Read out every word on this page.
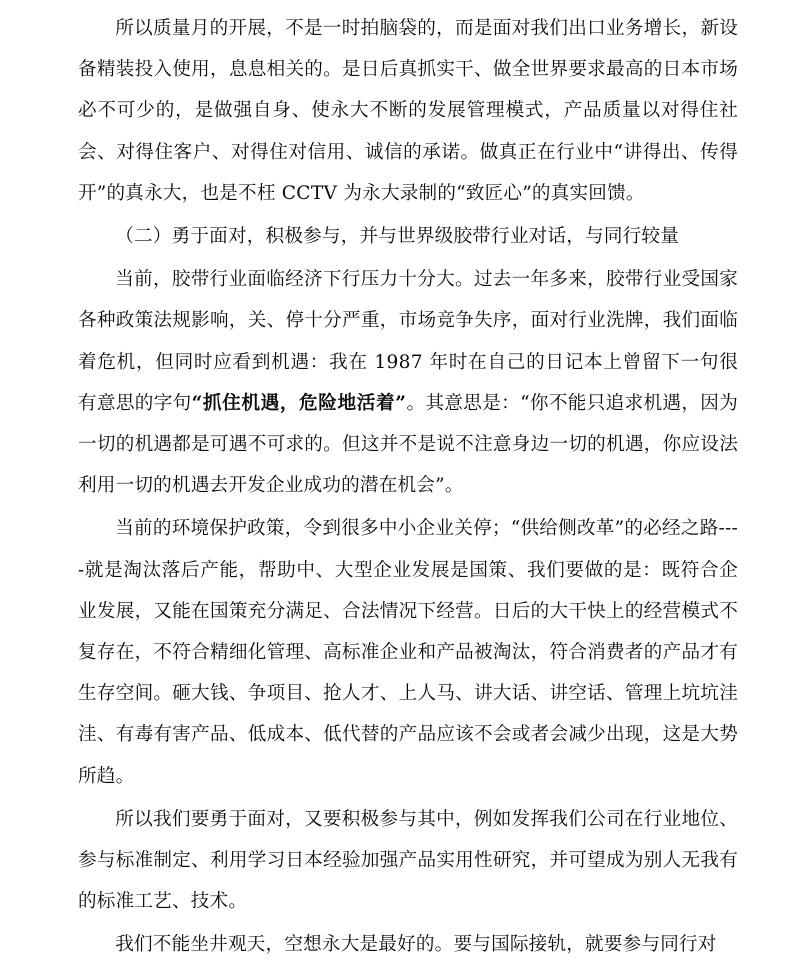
所以质量月的开展，不是一时拍脑袋的，而是面对我们出口业务增长，新设备精装投入使用，息息相关的。是日后真抓实干、做全世界要求最高的日本市场必不可少的，是做强自身、使永大不断的发展管理模式，产品质量以对得住社会、对得住客户、对得住对信用、诚信的承诺。做真正在行业中“讲得出、传得开”的真永大，也是不枉 CCTV 为永大录制的“致匠心”的真实回馈。

（二）勇于面对，积极参与，并与世界级胶带行业对话，与同行较量

当前，胶带行业面临经济下行压力十分大。过去一年多来，胶带行业受国家各种政策法规影响，关、停十分严重，市场竞争失序，面对行业洗牌，我们面临着危机，但同时应看到机遇：我在 1987 年时在自己的日记本上曾留下一句很有意思的字句“抓住机遇，危险地活着”。其意思是：“你不能只追求机遇，因为一切的机遇都是可遇不可求的。但这并不是说不注意身边一切的机遇，你应设法利用一切的机遇去开发企业成功的潜在机会”。

当前的环境保护政策，令到很多中小企业关停；“供给侧改革”的必经之路----就是淘汰落后产能，帮助中、大型企业发展是国策、我们要做的是：既符合企业发展，又能在国策充分满足、合法情况下经营。日后的大干快上的经营模式不复存在，不符合精细化管理、高标准企业和产品被淘汰，符合消费者的产品才有生存空间。砸大钱、争项目、抢人才、上人马、讲大话、讲空话、管理上坑坑洼洼、有毒有害产品、低成本、低代替的产品应该不会或者会减少出现，这是大势所趋。

所以我们要勇于面对，又要积极参与其中，例如发挥我们公司在行业地位、参与标准制定、利用学习日本经验加强产品实用性研究，并可望成为别人无我有的标准工艺、技术。

我们不能坐井观天，空想永大是最好的。要与国际接轨，就要参与同行对
